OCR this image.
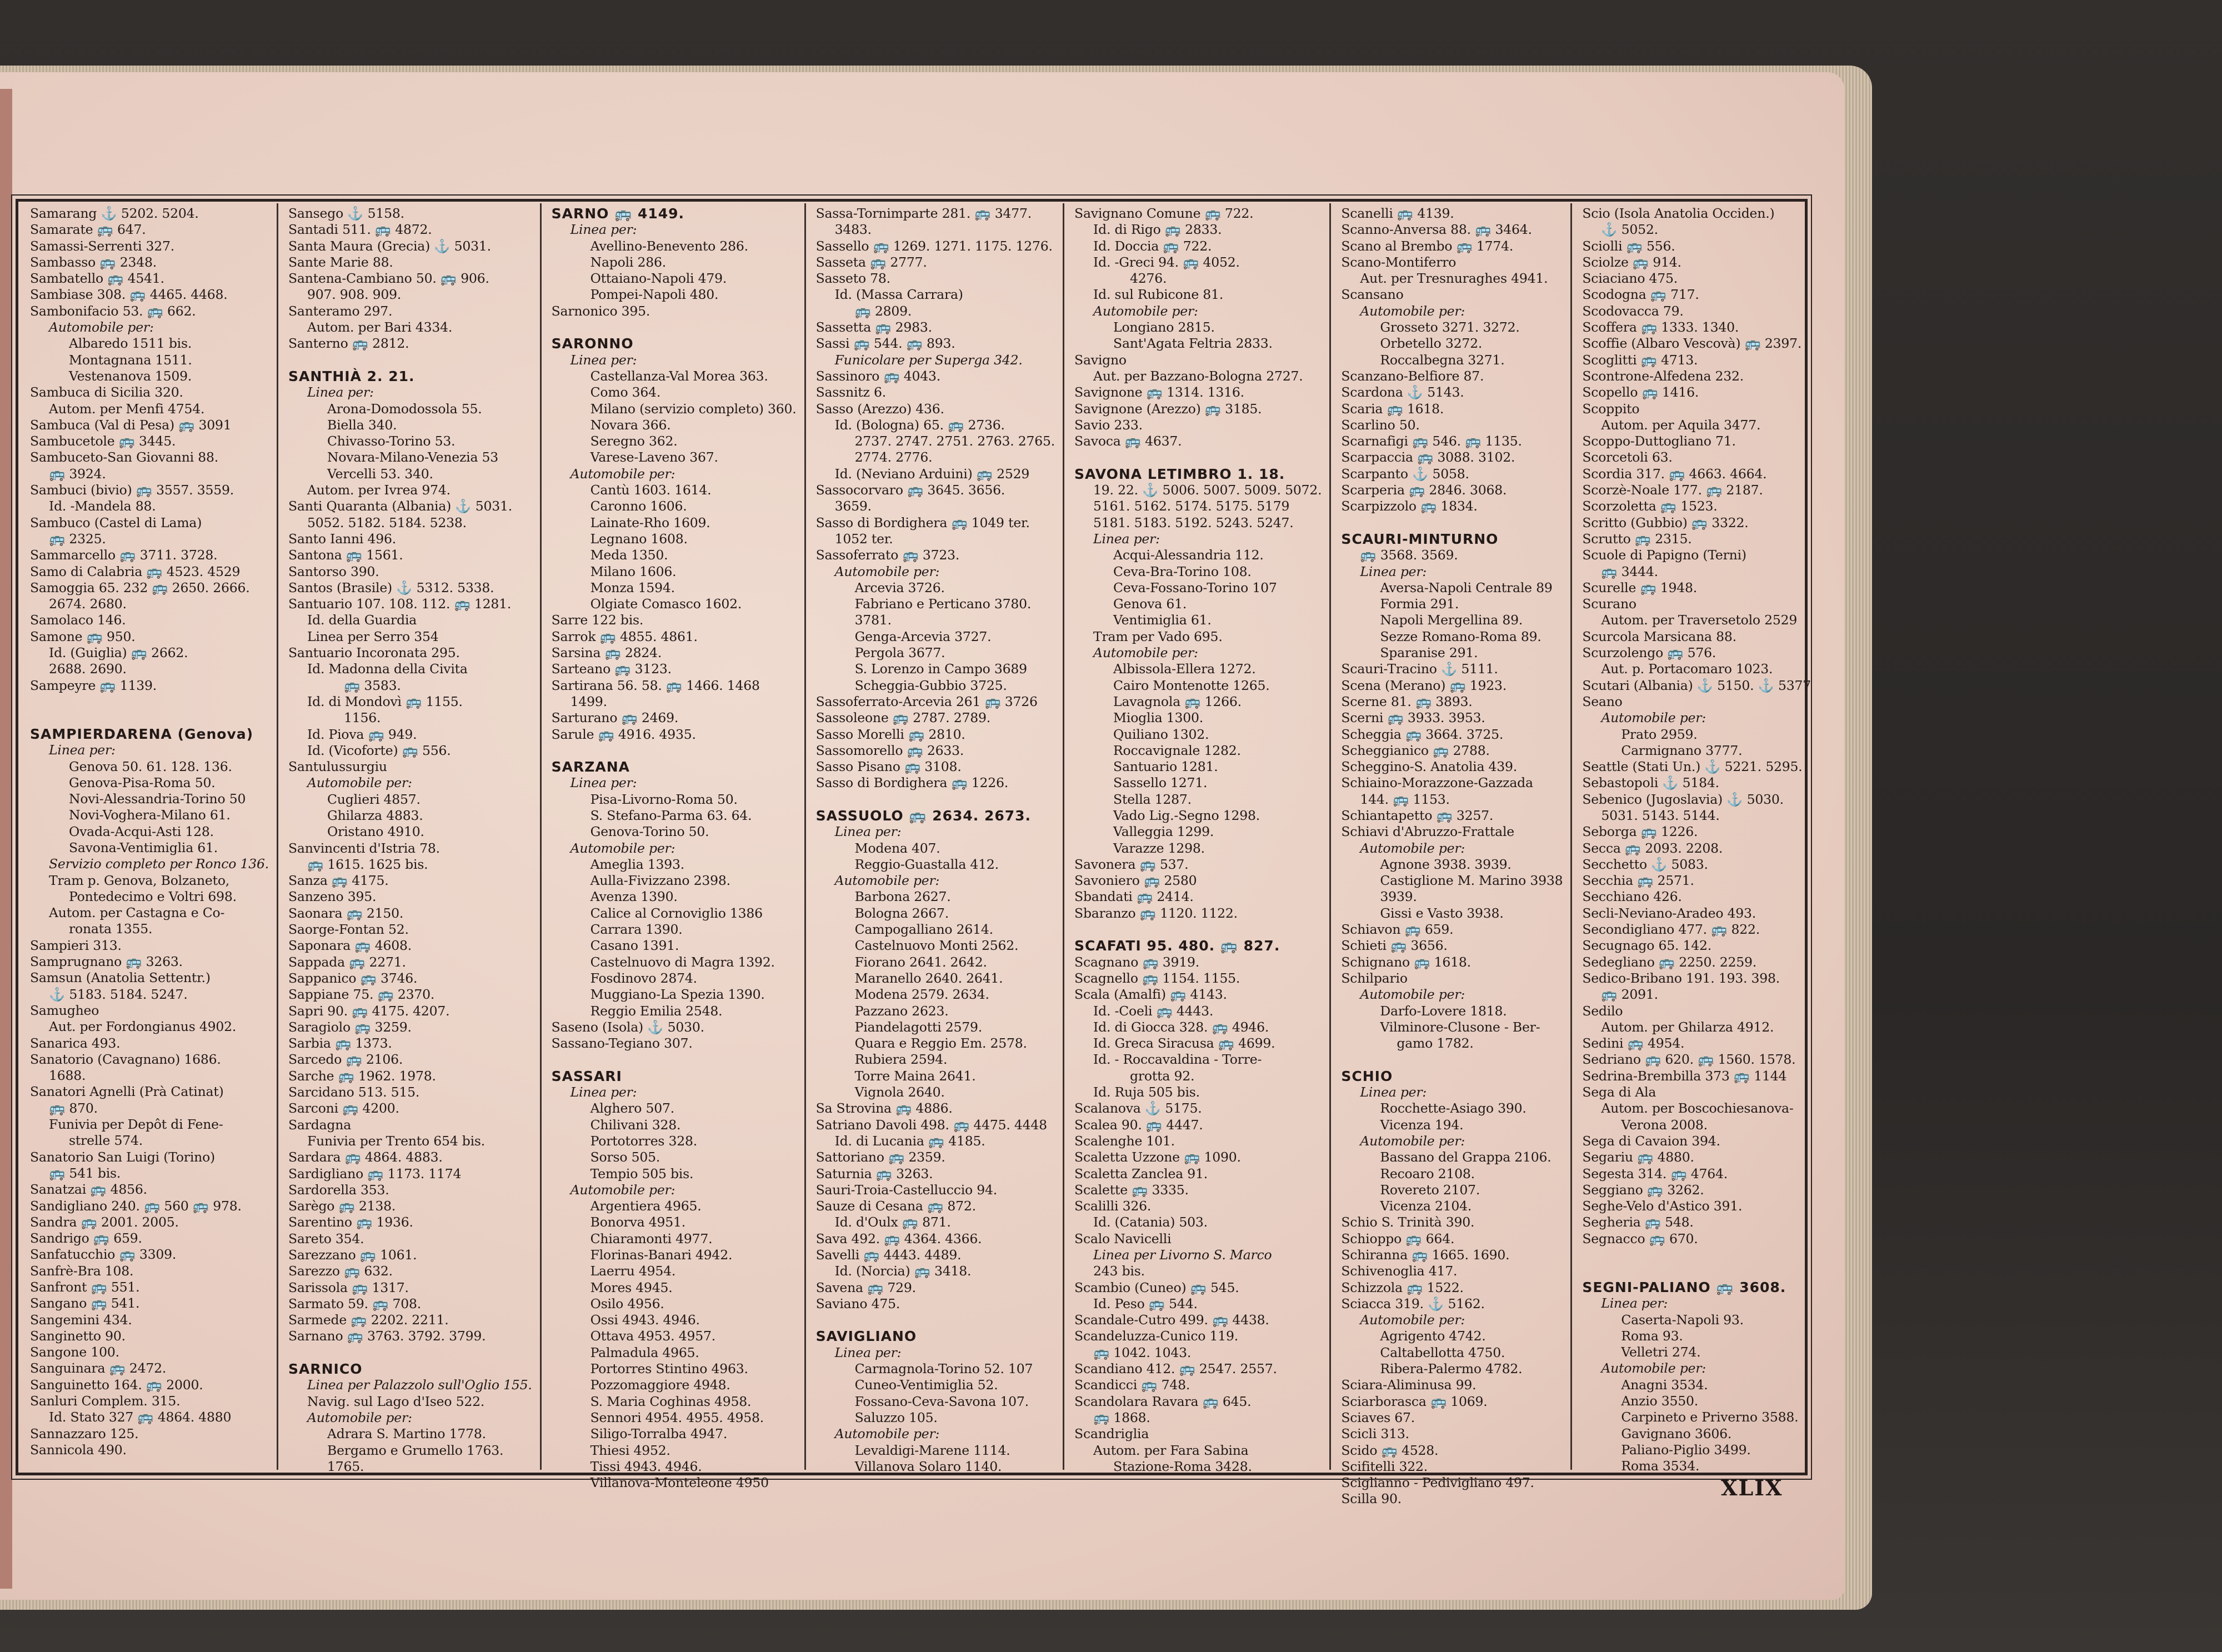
Samarang ⚓ 5202. 5204.
Samarate 🚌 647.
Samassi-Serrenti 327.
Sambasso 🚌 2348.
Sambatello 🚌 4541.
Sambiase 308. 🚌 4465. 4468.
Sambonifacio 53. 🚌 662.
Automobile per:
Albaredo 1511 bis.
Montagnana 1511.
Vestenanova 1509.
Sambuca di Sicilia 320.
Autom. per Menfi 4754.
Sambuca (Val di Pesa) 🚌 3091
Sambucetole 🚌 3445.
Sambuceto-San Giovanni 88.
🚌 3924.
Sambuci (bivio) 🚌 3557. 3559.
Id. -Mandela 88.
Sambuco (Castel di Lama)
🚌 2325.
Sammarcello 🚌 3711. 3728.
Samo di Calabria 🚌 4523. 4529
Samoggia 65. 232 🚌 2650. 2666.
2674. 2680.
Samolaco 146.
Samone 🚌 950.
Id. (Guiglia) 🚌 2662.
2688. 2690.
Sampeyre 🚌 1139.
SAMPIERDARENA (Genova)
Linea per:
Genova 50. 61. 128. 136.
Genova-Pisa-Roma 50.
Novi-Alessandria-Torino 50
Novi-Voghera-Milano 61.
Ovada-Acqui-Asti 128.
Savona-Ventimiglia 61.
Servizio completo per Ronco 136.
Tram p. Genova, Bolzaneto,
Pontedecimo e Voltri 698.
Autom. per Castagna e Co-
ronata 1355.
Sampieri 313.
Samprugnano 🚌 3263.
Samsun (Anatolia Settentr.)
⚓ 5183. 5184. 5247.
Samugheo
Aut. per Fordongianus 4902.
Sanarica 493.
Sanatorio (Cavagnano) 1686.
1688.
Sanatori Agnelli (Prà Catinat)
🚌 870.
Funivia per Depôt di Fene-
strelle 574.
Sanatorio San Luigi (Torino)
🚌 541 bis.
Sanatzai 🚌 4856.
Sandigliano 240. 🚌 560 🚌 978.
Sandra 🚌 2001. 2005.
Sandrigo 🚌 659.
Sanfatucchio 🚌 3309.
Sanfrè-Bra 108.
Sanfront 🚌 551.
Sangano 🚌 541.
Sangemini 434.
Sanginetto 90.
Sangone 100.
Sanguinara 🚌 2472.
Sanguinetto 164. 🚌 2000.
Sanluri Complem. 315.
Id. Stato 327 🚌 4864. 4880
Sannazzaro 125.
Sannicola 490.
Sansego ⚓ 5158.
Santadi 511. 🚌 4872.
Santa Maura (Grecia) ⚓ 5031.
Sante Marie 88.
Santena-Cambiano 50. 🚌 906.
907. 908. 909.
Santeramo 297.
Autom. per Bari 4334.
Santerno 🚌 2812.
SANTHIÀ 2. 21.
Linea per:
Arona-Domodossola 55.
Biella 340.
Chivasso-Torino 53.
Novara-Milano-Venezia 53
Vercelli 53. 340.
Autom. per Ivrea 974.
Santi Quaranta (Albania) ⚓ 5031.
5052. 5182. 5184. 5238.
Santo Ianni 496.
Santona 🚌 1561.
Santorso 390.
Santos (Brasile) ⚓ 5312. 5338.
Santuario 107. 108. 112. 🚌 1281.
Id. della Guardia
Linea per Serro 354
Santuario Incoronata 295.
Id. Madonna della Civita
🚌 3583.
Id. di Mondovì 🚌 1155.
1156.
Id. Piova 🚌 949.
Id. (Vicoforte) 🚌 556.
Santulussurgiu
Automobile per:
Cuglieri 4857.
Ghilarza 4883.
Oristano 4910.
Sanvincenti d'Istria 78.
🚌 1615. 1625 bis.
Sanza 🚌 4175.
Sanzeno 395.
Saonara 🚌 2150.
Saorge-Fontan 52.
Saponara 🚌 4608.
Sappada 🚌 2271.
Sappanico 🚌 3746.
Sappiane 75. 🚌 2370.
Sapri 90. 🚌 4175. 4207.
Saragiolo 🚌 3259.
Sarbia 🚌 1373.
Sarcedo 🚌 2106.
Sarche 🚌 1962. 1978.
Sarcidano 513. 515.
Sarconi 🚌 4200.
Sardagna
Funivia per Trento 654 bis.
Sardara 🚌 4864. 4883.
Sardigliano 🚌 1173. 1174
Sardorella 353.
Sarègo 🚌 2138.
Sarentino 🚌 1936.
Sareto 354.
Sarezzano 🚌 1061.
Sarezzo 🚌 632.
Sarissola 🚌 1317.
Sarmato 59. 🚌 708.
Sarmede 🚌 2202. 2211.
Sarnano 🚌 3763. 3792. 3799.
SARNICO
Linea per Palazzolo sull'Oglio 155.
Navig. sul Lago d'Iseo 522.
Automobile per:
Adrara S. Martino 1778.
Bergamo e Grumello 1763.
1765.
SARNO 🚌 4149.
Linea per:
Avellino-Benevento 286.
Napoli 286.
Ottaiano-Napoli 479.
Pompei-Napoli 480.
Sarnonico 395.
SARONNO
Linea per:
Castellanza-Val Morea 363.
Como 364.
Milano (servizio completo) 360.
Novara 366.
Seregno 362.
Varese-Laveno 367.
Automobile per:
Cantù 1603. 1614.
Caronno 1606.
Lainate-Rho 1609.
Legnano 1608.
Meda 1350.
Milano 1606.
Monza 1594.
Olgiate Comasco 1602.
Sarre 122 bis.
Sarrok 🚌 4855. 4861.
Sarsina 🚌 2824.
Sarteano 🚌 3123.
Sartirana 56. 58. 🚌 1466. 1468
1499.
Sarturano 🚌 2469.
Sarule 🚌 4916. 4935.
SARZANA
Linea per:
Pisa-Livorno-Roma 50.
S. Stefano-Parma 63. 64.
Genova-Torino 50.
Automobile per:
Ameglia 1393.
Aulla-Fivizzano 2398.
Avenza 1390.
Calice al Cornoviglio 1386
Carrara 1390.
Casano 1391.
Castelnuovo di Magra 1392.
Fosdinovo 2874.
Muggiano-La Spezia 1390.
Reggio Emilia 2548.
Saseno (Isola) ⚓ 5030.
Sassano-Tegiano 307.
SASSARI
Linea per:
Alghero 507.
Chilivani 328.
Portotorres 328.
Sorso 505.
Tempio 505 bis.
Automobile per:
Argentiera 4965.
Bonorva 4951.
Chiaramonti 4977.
Florinas-Banari 4942.
Laerru 4954.
Mores 4945.
Osilo 4956.
Ossi 4943. 4946.
Ottava 4953. 4957.
Palmadula 4965.
Portorres Stintino 4963.
Pozzomaggiore 4948.
S. Maria Coghinas 4958.
Sennori 4954. 4955. 4958.
Siligo-Torralba 4947.
Thiesi 4952.
Tissi 4943. 4946.
Villanova-Monteleone 4950
Sassa-Tornimparte 281. 🚌 3477.
3483.
Sassello 🚌 1269. 1271. 1175. 1276.
Sasseta 🚌 2777.
Sasseto 78.
Id. (Massa Carrara)
🚌 2809.
Sassetta 🚌 2983.
Sassi 🚌 544. 🚌 893.
Funicolare per Superga 342.
Sassinoro 🚌 4043.
Sassnitz 6.
Sasso (Arezzo) 436.
Id. (Bologna) 65. 🚌 2736.
2737. 2747. 2751. 2763. 2765.
2774. 2776.
Id. (Neviano Arduini) 🚌 2529
Sassocorvaro 🚌 3645. 3656.
3659.
Sasso di Bordighera 🚌 1049 ter.
1052 ter.
Sassoferrato 🚌 3723.
Automobile per:
Arcevia 3726.
Fabriano e Perticano 3780.
3781.
Genga-Arcevia 3727.
Pergola 3677.
S. Lorenzo in Campo 3689
Scheggia-Gubbio 3725.
Sassoferrato-Arcevia 261 🚌 3726
Sassoleone 🚌 2787. 2789.
Sasso Morelli 🚌 2810.
Sassomorello 🚌 2633.
Sasso Pisano 🚌 3108.
Sasso di Bordighera 🚌 1226.
SASSUOLO 🚌 2634. 2673.
Linea per:
Modena 407.
Reggio-Guastalla 412.
Automobile per:
Barbona 2627.
Bologna 2667.
Campogalliano 2614.
Castelnuovo Monti 2562.
Fiorano 2641. 2642.
Maranello 2640. 2641.
Modena 2579. 2634.
Pazzano 2623.
Piandelagotti 2579.
Quara e Reggio Em. 2578.
Rubiera 2594.
Torre Maina 2641.
Vignola 2640.
Sa Strovina 🚌 4886.
Satriano Davoli 498. 🚌 4475. 4448
Id. di Lucania 🚌 4185.
Sattoriano 🚌 2359.
Saturnia 🚌 3263.
Sauri-Troia-Castelluccio 94.
Sauze di Cesana 🚌 872.
Id. d'Oulx 🚌 871.
Sava 492. 🚌 4364. 4366.
Savelli 🚌 4443. 4489.
Id. (Norcia) 🚌 3418.
Savena 🚌 729.
Saviano 475.
SAVIGLIANO
Linea per:
Carmagnola-Torino 52. 107
Cuneo-Ventimiglia 52.
Fossano-Ceva-Savona 107.
Saluzzo 105.
Automobile per:
Levaldigi-Marene 1114.
Villanova Solaro 1140.
Savignano Comune 🚌 722.
Id. di Rigo 🚌 2833.
Id. Doccia 🚌 722.
Id. -Greci 94. 🚌 4052.
4276.
Id. sul Rubicone 81.
Automobile per:
Longiano 2815.
Sant'Agata Feltria 2833.
Savigno
Aut. per Bazzano-Bologna 2727.
Savignone 🚌 1314. 1316.
Savignone (Arezzo) 🚌 3185.
Savio 233.
Savoca 🚌 4637.
SAVONA LETIMBRO 1. 18.
19. 22. ⚓ 5006. 5007. 5009. 5072.
5161. 5162. 5174. 5175. 5179
5181. 5183. 5192. 5243. 5247.
Linea per:
Acqui-Alessandria 112.
Ceva-Bra-Torino 108.
Ceva-Fossano-Torino 107
Genova 61.
Ventimiglia 61.
Tram per Vado 695.
Automobile per:
Albissola-Ellera 1272.
Cairo Montenotte 1265.
Lavagnola 🚌 1266.
Mioglia 1300.
Quiliano 1302.
Roccavignale 1282.
Santuario 1281.
Sassello 1271.
Stella 1287.
Vado Lig.-Segno 1298.
Valleggia 1299.
Varazze 1298.
Savonera 🚌 537.
Savoniero 🚌 2580
Sbandati 🚌 2414.
Sbaranzo 🚌 1120. 1122.
SCAFATI 95. 480. 🚌 827.
Scagnano 🚌 3919.
Scagnello 🚌 1154. 1155.
Scala (Amalfi) 🚌 4143.
Id. -Coeli 🚌 4443.
Id. di Giocca 328. 🚌 4946.
Id. Greca Siracusa 🚌 4699.
Id. - Roccavaldina - Torre-
grotta 92.
Id. Ruja 505 bis.
Scalanova ⚓ 5175.
Scalea 90. 🚌 4447.
Scalenghe 101.
Scaletta Uzzone 🚌 1090.
Scaletta Zanclea 91.
Scalette 🚌 3335.
Scalilli 326.
Id. (Catania) 503.
Scalo Navicelli
Linea per Livorno S. Marco
243 bis.
Scambio (Cuneo) 🚌 545.
Id. Peso 🚌 544.
Scandale-Cutro 499. 🚌 4438.
Scandeluzza-Cunico 119.
🚌 1042. 1043.
Scandiano 412. 🚌 2547. 2557.
Scandicci 🚌 748.
Scandolara Ravara 🚌 645.
🚌 1868.
Scandriglia
Autom. per Fara Sabina
Stazione-Roma 3428.
Scanelli 🚌 4139.
Scanno-Anversa 88. 🚌 3464.
Scano al Brembo 🚌 1774.
Scano-Montiferro
Aut. per Tresnuraghes 4941.
Scansano
Automobile per:
Grosseto 3271. 3272.
Orbetello 3272.
Roccalbegna 3271.
Scanzano-Belfiore 87.
Scardona ⚓ 5143.
Scaria 🚌 1618.
Scarlino 50.
Scarnafigi 🚌 546. 🚌 1135.
Scarpaccia 🚌 3088. 3102.
Scarpanto ⚓ 5058.
Scarperia 🚌 2846. 3068.
Scarpizzolo 🚌 1834.
SCAURI-MINTURNO
🚌 3568. 3569.
Linea per:
Aversa-Napoli Centrale 89
Formia 291.
Napoli Mergellina 89.
Sezze Romano-Roma 89.
Sparanise 291.
Scauri-Tracino ⚓ 5111.
Scena (Merano) 🚌 1923.
Scerne 81. 🚌 3893.
Scerni 🚌 3933. 3953.
Scheggia 🚌 3664. 3725.
Scheggianico 🚌 2788.
Scheggino-S. Anatolia 439.
Schiaino-Morazzone-Gazzada
144. 🚌 1153.
Schiantapetto 🚌 3257.
Schiavi d'Abruzzo-Frattale
Automobile per:
Agnone 3938. 3939.
Castiglione M. Marino 3938
3939.
Gissi e Vasto 3938.
Schiavon 🚌 659.
Schieti 🚌 3656.
Schignano 🚌 1618.
Schilpario
Automobile per:
Darfo-Lovere 1818.
Vilminore-Clusone - Ber-
gamo 1782.
SCHIO
Linea per:
Rocchette-Asiago 390.
Vicenza 194.
Automobile per:
Bassano del Grappa 2106.
Recoaro 2108.
Rovereto 2107.
Vicenza 2104.
Schio S. Trinità 390.
Schioppo 🚌 664.
Schiranna 🚌 1665. 1690.
Schivenoglia 417.
Schizzola 🚌 1522.
Sciacca 319. ⚓ 5162.
Automobile per:
Agrigento 4742.
Caltabellotta 4750.
Ribera-Palermo 4782.
Sciara-Aliminusa 99.
Sciarborasca 🚌 1069.
Sciaves 67.
Scicli 313.
Scido 🚌 4528.
Scifitelli 322.
Sciglianno - Pedivigliano 497.
Scilla 90.
Scio (Isola Anatolia Occiden.)
⚓ 5052.
Sciolli 🚌 556.
Sciolze 🚌 914.
Sciaciano 475.
Scodogna 🚌 717.
Scodovacca 79.
Scoffera 🚌 1333. 1340.
Scoffie (Albaro Vescovà) 🚌 2397.
Scoglitti 🚌 4713.
Scontrone-Alfedena 232.
Scopello 🚌 1416.
Scoppito
Autom. per Aquila 3477.
Scoppo-Duttogliano 71.
Scorcetoli 63.
Scordia 317. 🚌 4663. 4664.
Scorzè-Noale 177. 🚌 2187.
Scorzoletta 🚌 1523.
Scritto (Gubbio) 🚌 3322.
Scrutto 🚌 2315.
Scuole di Papigno (Terni)
🚌 3444.
Scurelle 🚌 1948.
Scurano
Autom. per Traversetolo 2529
Scurcola Marsicana 88.
Scurzolengo 🚌 576.
Aut. p. Portacomaro 1023.
Scutari (Albania) ⚓ 5150. ⚓ 5377
Seano
Automobile per:
Prato 2959.
Carmignano 3777.
Seattle (Stati Un.) ⚓ 5221. 5295.
Sebastopoli ⚓ 5184.
Sebenico (Jugoslavia) ⚓ 5030.
5031. 5143. 5144.
Seborga 🚌 1226.
Secca 🚌 2093. 2208.
Secchetto ⚓ 5083.
Secchia 🚌 2571.
Secchiano 426.
Secli-Neviano-Aradeo 493.
Secondigliano 477. 🚌 822.
Secugnago 65. 142.
Sedegliano 🚌 2250. 2259.
Sedico-Bribano 191. 193. 398.
🚌 2091.
Sedilo
Autom. per Ghilarza 4912.
Sedini 🚌 4954.
Sedriano 🚌 620. 🚌 1560. 1578.
Sedrina-Brembilla 373 🚌 1144
Sega di Ala
Autom. per Boscochiesanova-
Verona 2008.
Sega di Cavaion 394.
Segariu 🚌 4880.
Segesta 314. 🚌 4764.
Seggiano 🚌 3262.
Seghe-Velo d'Astico 391.
Segheria 🚌 548.
Segnacco 🚌 670.
SEGNI-PALIANO 🚌 3608.
Linea per:
Caserta-Napoli 93.
Roma 93.
Velletri 274.
Automobile per:
Anagni 3534.
Anzio 3550.
Carpineto e Priverno 3588.
Gavignano 3606.
Paliano-Piglio 3499.
Roma 3534.
XLIX
